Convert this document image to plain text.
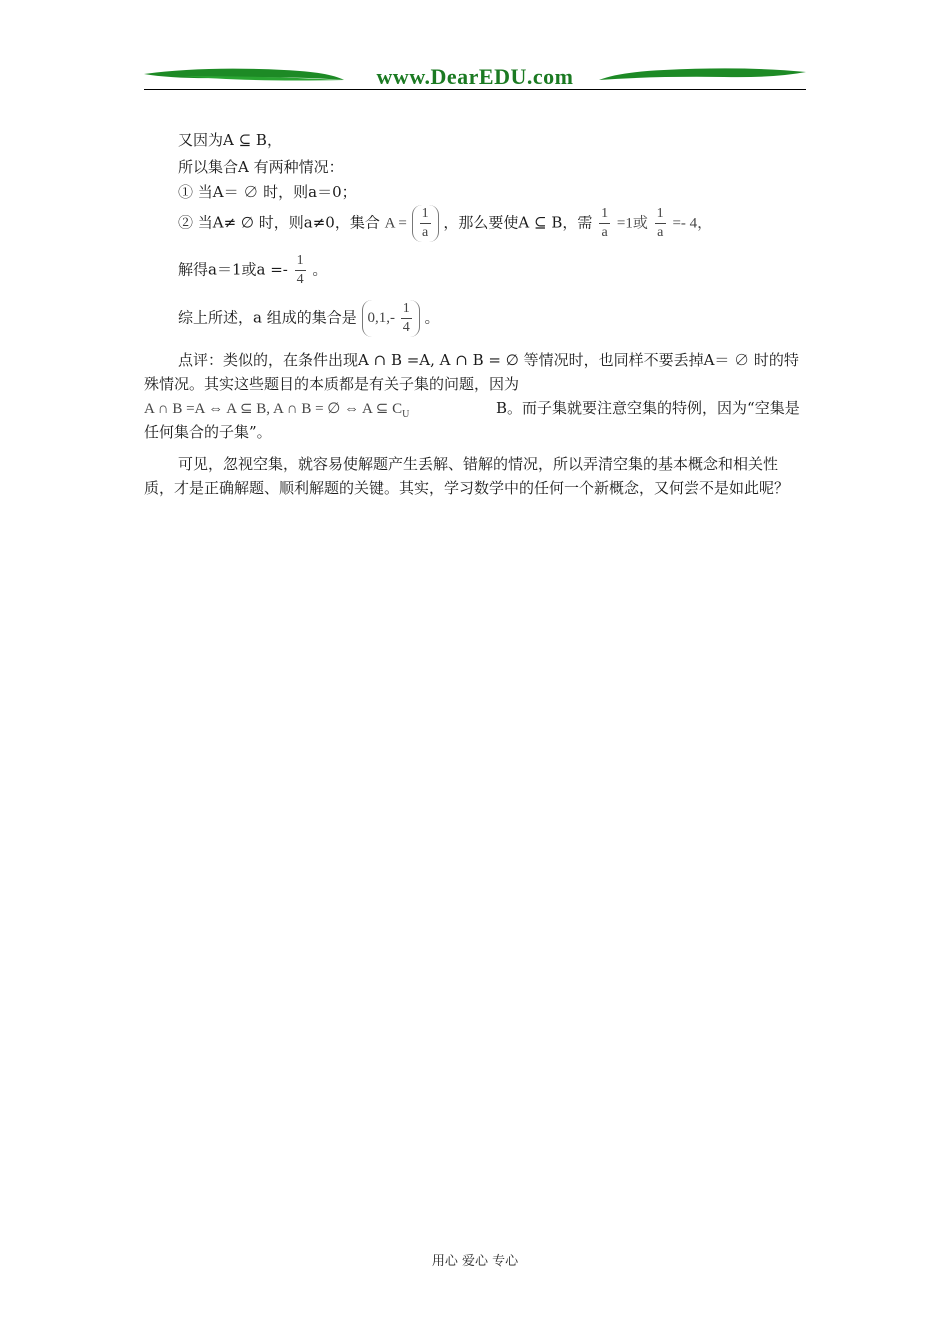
www.DearEDU.com
又因为A ⊆ B，
所以集合A 有两种情况：
① 当A＝ ∅ 时，则a＝0；
② 当A≠ ∅ 时，则a≠0，集合 $A = \frac{1}{a}$ ，那么要使A ⊆ B，需 $\frac{1}{a} =1$或 $\frac{1}{a} =- 4$，
解得a＝1或$a =- \frac{1}{4}$ 。
综上所述，a 组成的集合是 $0,1,- \frac{1}{4}$ 。
点评：类似的，在条件出现A ∩ B =A, A ∩ B = ∅ 等情况时，也同样不要丢掉A＝ ∅ 时的特殊情况。其实这些题目的本质都是有关子集的问题，因为
A ∩ B =A ⇔ A ⊆ B, A ∩ B = ∅ ⇔ A ⊆ $C_U$	B。而子集就要注意空集的特例，因为“空集是任何集合的子集”。
可见，忽视空集，就容易使解题产生丢解、错解的情况，所以弄清空集的基本概念和相关性质，才是正确解题、顺利解题的关键。其实，学习数学中的任何一个新概念，又何尝不是如此呢？
用心 爱心 专心
